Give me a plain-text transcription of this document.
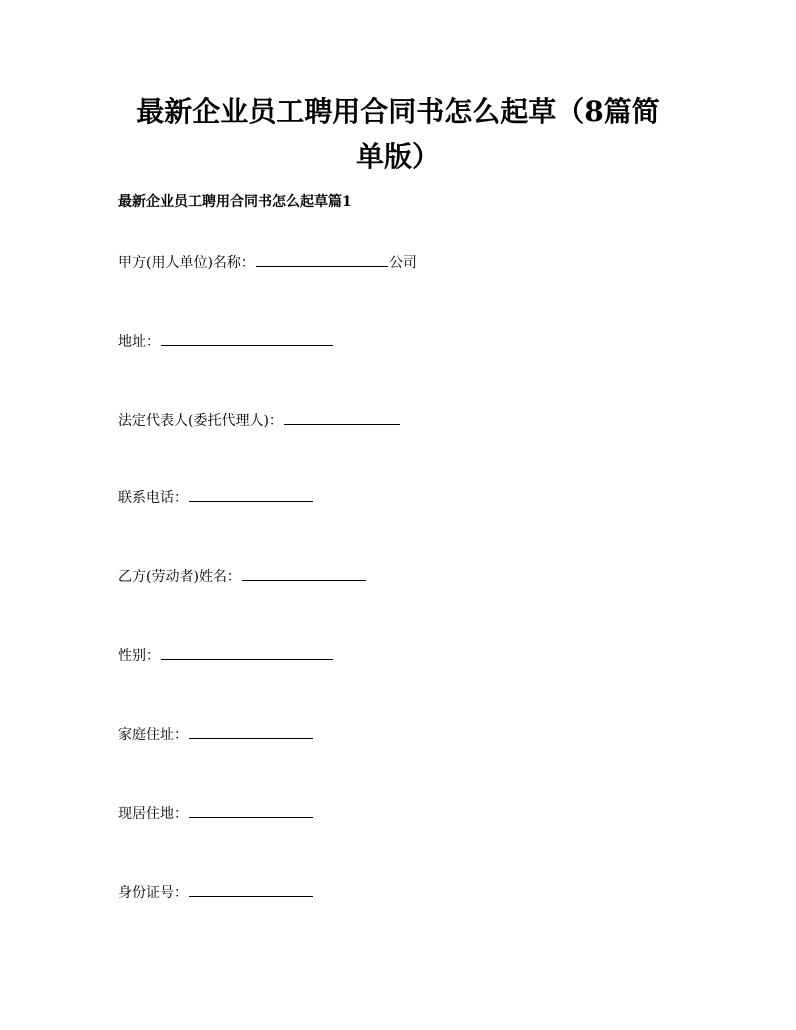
最新企业员工聘用合同书怎么起草（8篇简
单版）
最新企业员工聘用合同书怎么起草篇1
甲方(用人单位)名称：	公司
地址：
法定代表人(委托代理人)：
联系电话：
乙方(劳动者)姓名：
性别：
家庭住址：
现居住地：
身份证号：
